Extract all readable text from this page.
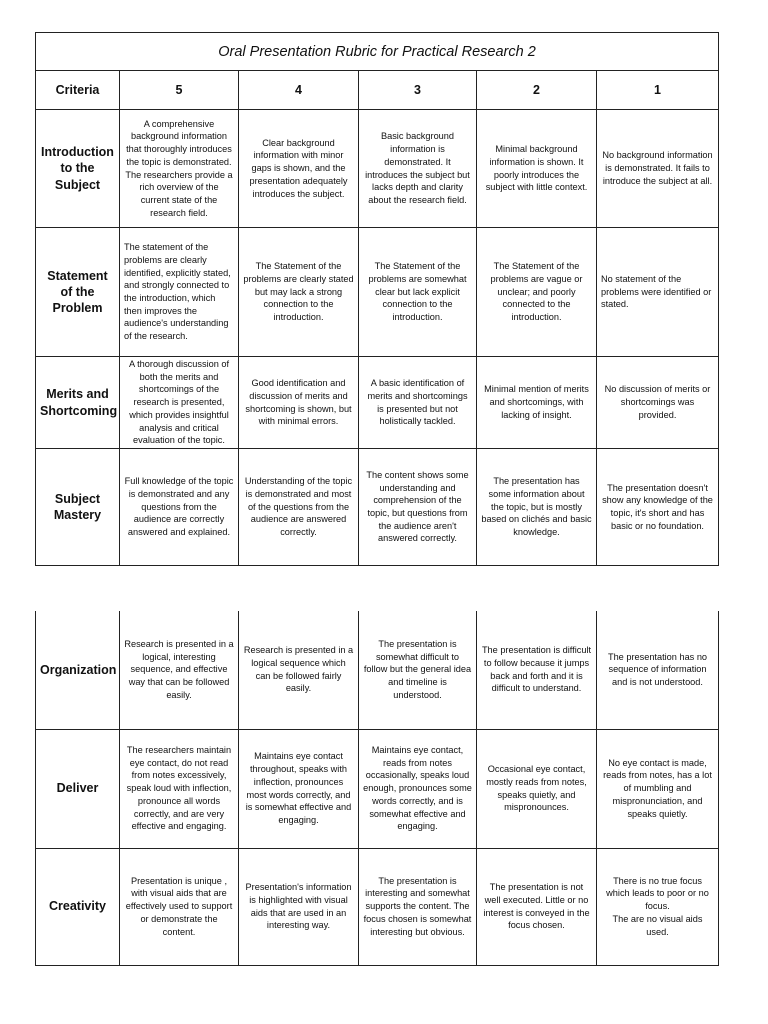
Oral Presentation Rubric for Practical Research 2					
Criteria	5	4	3	2	1
Introduction to the Subject	A comprehensive background information that thoroughly introduces the topic is demonstrated. The researchers provide a rich overview of the current state of the research field.	Clear background information with minor gaps is shown, and the presentation adequately introduces the subject.	Basic background information is demonstrated. It introduces the subject but lacks depth and clarity about the research field.	Minimal background information is shown. It poorly introduces the subject with little context.	No background information is demonstrated. It fails to introduce the subject at all.
Statement of the Problem	The statement of the problems are clearly identified, explicitly stated, and strongly connected to the introduction, which then improves the audience's understanding of the research.	The Statement of the problems are clearly stated but may lack a strong connection to the introduction.	The Statement of the problems are somewhat clear but lack explicit connection to the introduction.	The Statement of the problems are vague or unclear; and poorly connected to the introduction.	No statement of the problems were identified or stated.
Merits and Shortcoming	A thorough discussion of both the merits and shortcomings of the research is presented, which provides insightful analysis and critical evaluation of the topic.	Good identification and discussion of merits and shortcoming is shown, but with minimal errors.	A basic identification of merits and shortcomings is presented but not holistically tackled.	Minimal mention of merits and shortcomings, with lacking of insight.	No discussion of merits or shortcomings was provided.
Subject Mastery	Full knowledge of the topic is demonstrated and any questions from the audience are correctly answered and explained.	Understanding of the topic is demonstrated and most of the questions from the audience are answered correctly.	The content shows some understanding and comprehension of the topic, but questions from the audience aren't answered correctly.	The presentation has some information about the topic, but is mostly based on clichés and basic knowledge.	The presentation doesn't show any knowledge of the topic, it's short and has basic or no foundation.
Organization	Research is presented in a logical, interesting sequence, and effective way that can be followed easily.	Research is presented in a logical sequence which can be followed fairly easily.	The presentation is somewhat difficult to follow but the general idea and timeline is understood.	The presentation is difficult to follow because it jumps back and forth and it is difficult to understand.	The presentation has no sequence of information and is not understood.
Deliver	The researchers maintain eye contact, do not read from notes excessively, speak loud with inflection, pronounce all words correctly, and are very effective and engaging.	Maintains eye contact throughout, speaks with inflection, pronounces most words correctly, and is somewhat effective and engaging.	Maintains eye contact, reads from notes occasionally, speaks loud enough, pronounces some words correctly, and is somewhat effective and engaging.	Occasional eye contact, mostly reads from notes, speaks quietly, and mispronounces.	No eye contact is made, reads from notes, has a lot of mumbling and mispronunciation, and speaks quietly.
Creativity	Presentation is unique , with visual aids that are effectively used to support or demonstrate the content.	Presentation's information is highlighted with visual aids that are used in an interesting way.	The presentation is interesting and somewhat supports the content. The focus chosen is somewhat interesting but obvious.	The presentation is not well executed. Little or no interest is conveyed in the focus chosen.	There is no true focus which leads to poor or no focus.
The are no visual aids used.
